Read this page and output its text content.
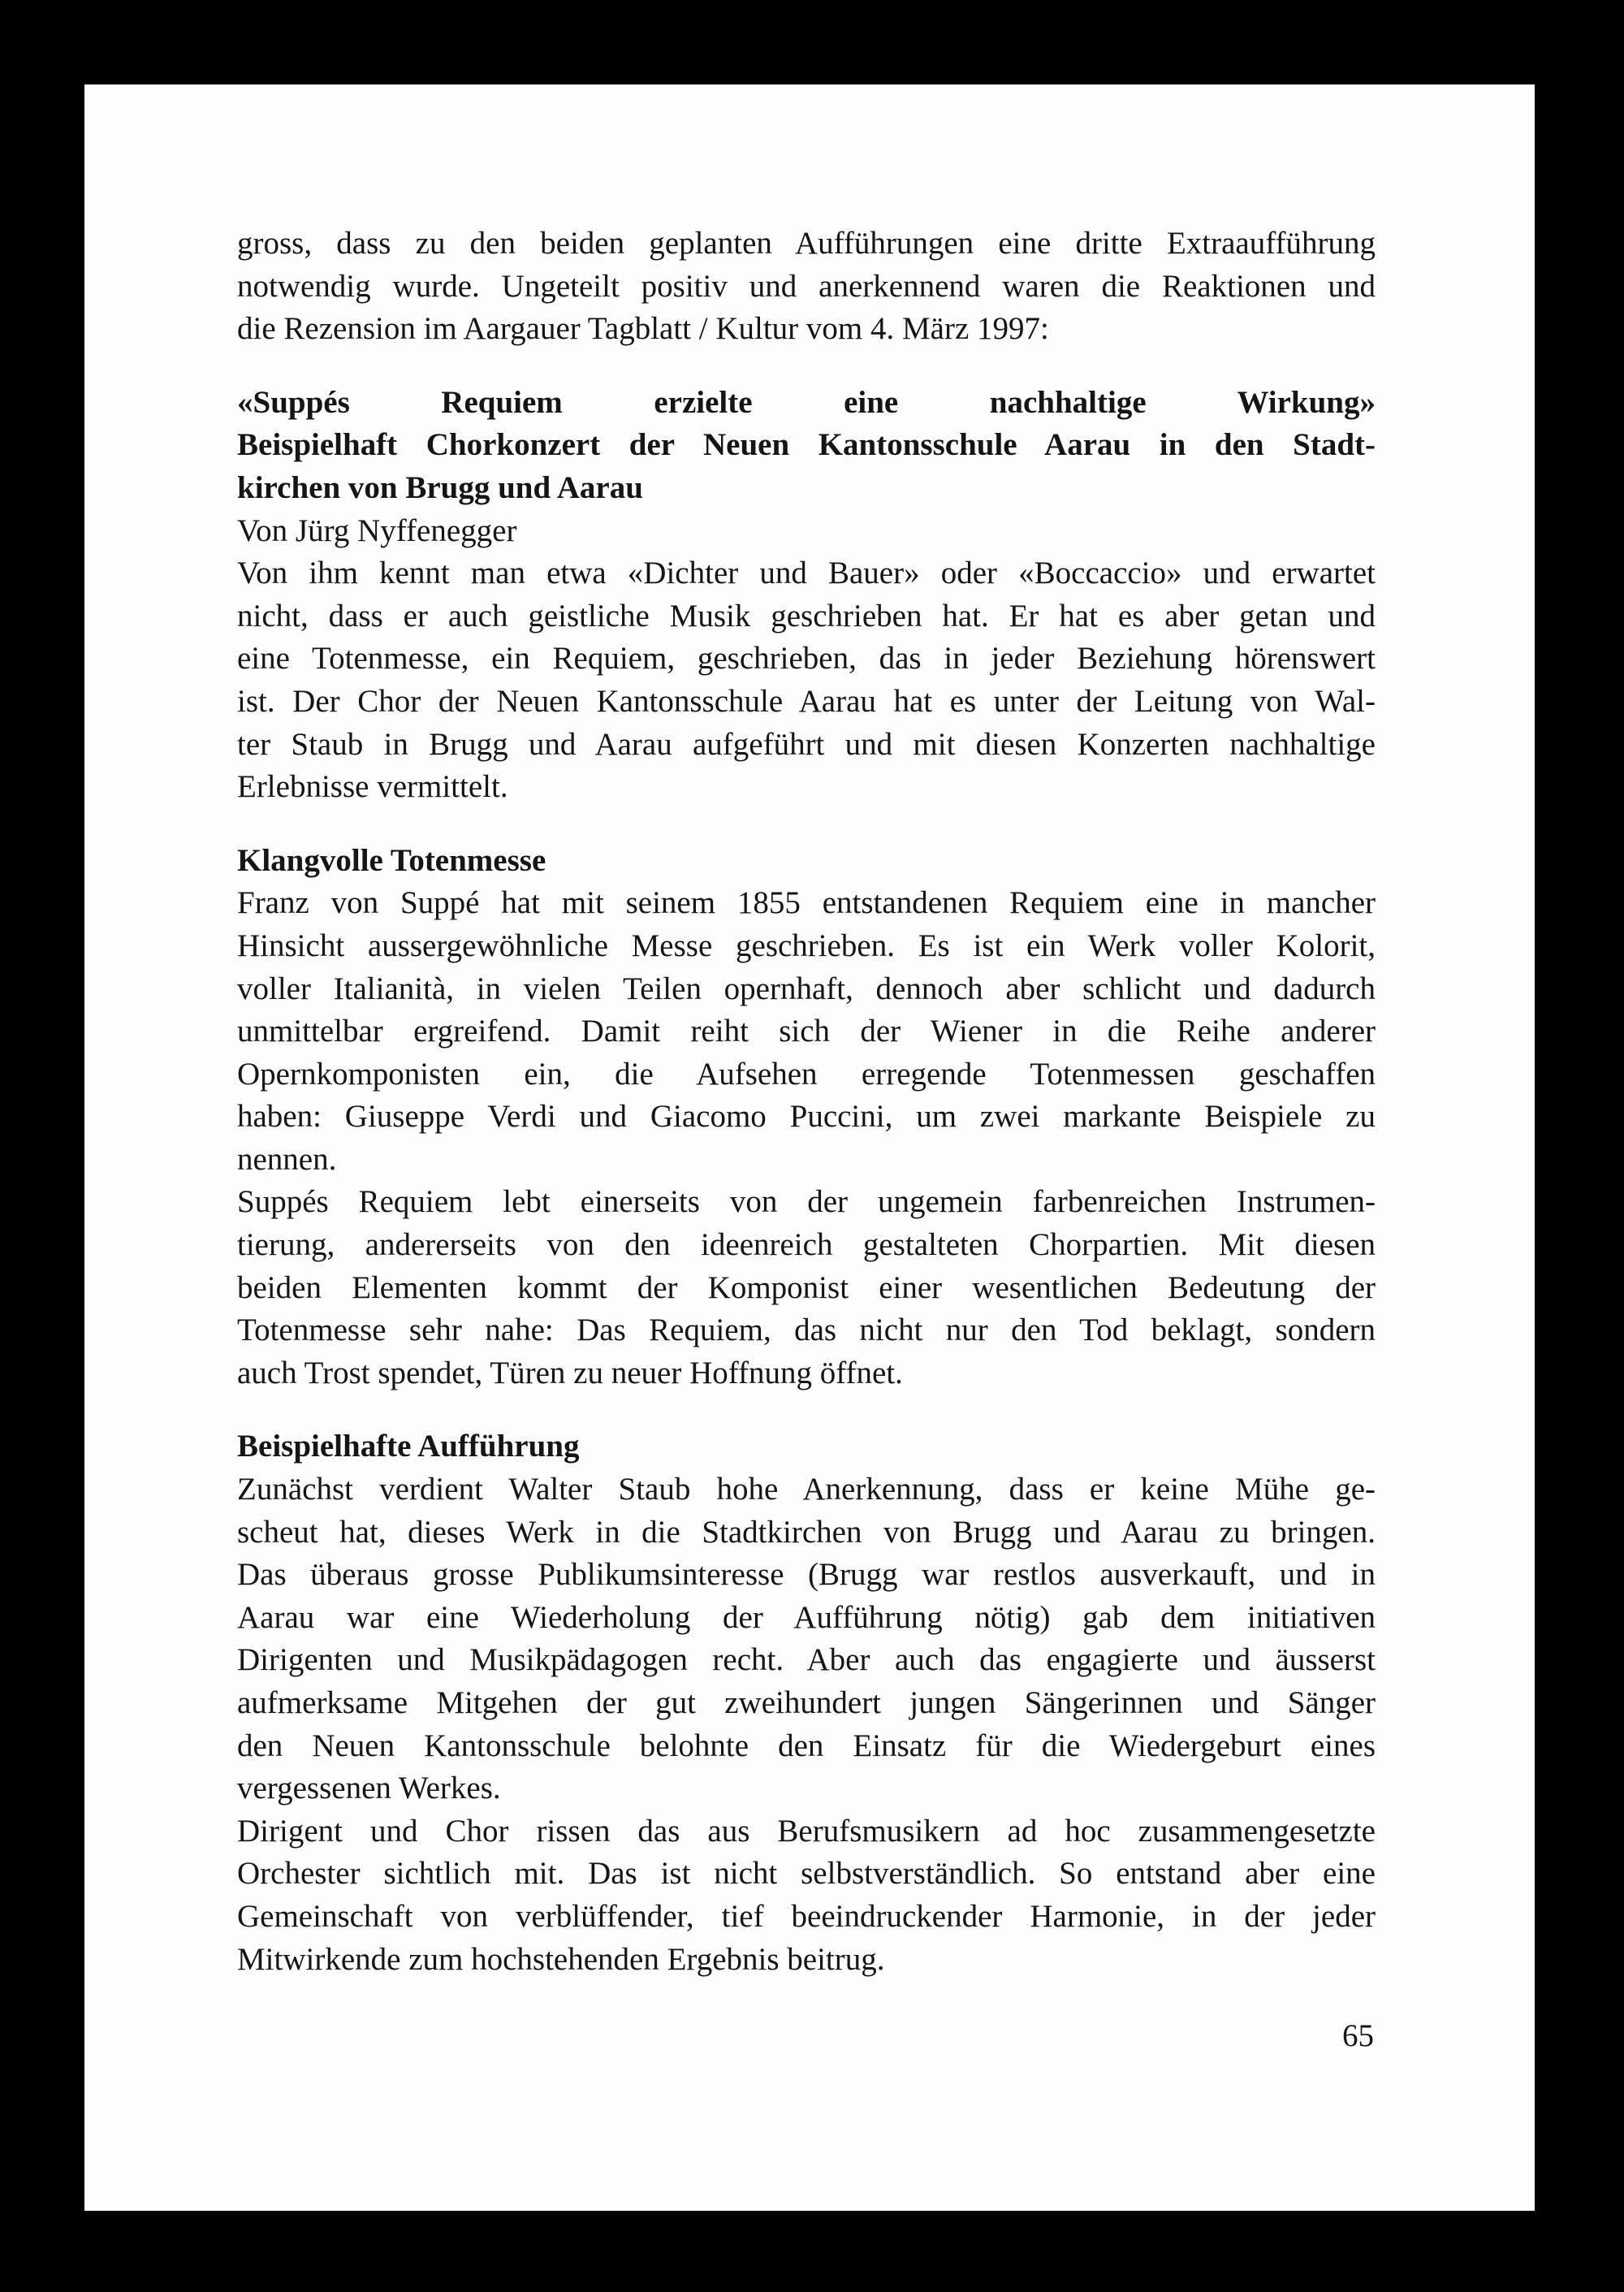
gross, dass zu den beiden geplanten Aufführungen eine dritte Extraaufführung
notwendig wurde. Ungeteilt positiv und anerkennend waren die Reaktionen und
die Rezension im Aargauer Tagblatt / Kultur vom 4. März 1997:
«Suppés Requiem erzielte eine nachhaltige Wirkung»
Beispielhaft Chorkonzert der Neuen Kantonsschule Aarau in den Stadt-
kirchen von Brugg und Aarau
Von Jürg Nyffenegger
Von ihm kennt man etwa «Dichter und Bauer» oder «Boccaccio» und erwartet
nicht, dass er auch geistliche Musik geschrieben hat. Er hat es aber getan und
eine Totenmesse, ein Requiem, geschrieben, das in jeder Beziehung hörenswert
ist. Der Chor der Neuen Kantonsschule Aarau hat es unter der Leitung von Wal-
ter Staub in Brugg und Aarau aufgeführt und mit diesen Konzerten nachhaltige
Erlebnisse vermittelt.
Klangvolle Totenmesse
Franz von Suppé hat mit seinem 1855 entstandenen Requiem eine in mancher
Hinsicht aussergewöhnliche Messe geschrieben. Es ist ein Werk voller Kolorit,
voller Italianità, in vielen Teilen opernhaft, dennoch aber schlicht und dadurch
unmittelbar ergreifend. Damit reiht sich der Wiener in die Reihe anderer
Opernkomponisten ein, die Aufsehen erregende Totenmessen geschaffen
haben: Giuseppe Verdi und Giacomo Puccini, um zwei markante Beispiele zu
nennen.
Suppés Requiem lebt einerseits von der ungemein farbenreichen Instrumen-
tierung, andererseits von den ideenreich gestalteten Chorpartien. Mit diesen
beiden Elementen kommt der Komponist einer wesentlichen Bedeutung der
Totenmesse sehr nahe: Das Requiem, das nicht nur den Tod beklagt, sondern
auch Trost spendet, Türen zu neuer Hoffnung öffnet.
Beispielhafte Aufführung
Zunächst verdient Walter Staub hohe Anerkennung, dass er keine Mühe ge-
scheut hat, dieses Werk in die Stadtkirchen von Brugg und Aarau zu bringen.
Das überaus grosse Publikumsinteresse (Brugg war restlos ausverkauft, und in
Aarau war eine Wiederholung der Aufführung nötig) gab dem initiativen
Dirigenten und Musikpädagogen recht. Aber auch das engagierte und äusserst
aufmerksame Mitgehen der gut zweihundert jungen Sängerinnen und Sänger
den Neuen Kantonsschule belohnte den Einsatz für die Wiedergeburt eines
vergessenen Werkes.
Dirigent und Chor rissen das aus Berufsmusikern ad hoc zusammengesetzte
Orchester sichtlich mit. Das ist nicht selbstverständlich. So entstand aber eine
Gemeinschaft von verblüffender, tief beeindruckender Harmonie, in der jeder
Mitwirkende zum hochstehenden Ergebnis beitrug.
65
